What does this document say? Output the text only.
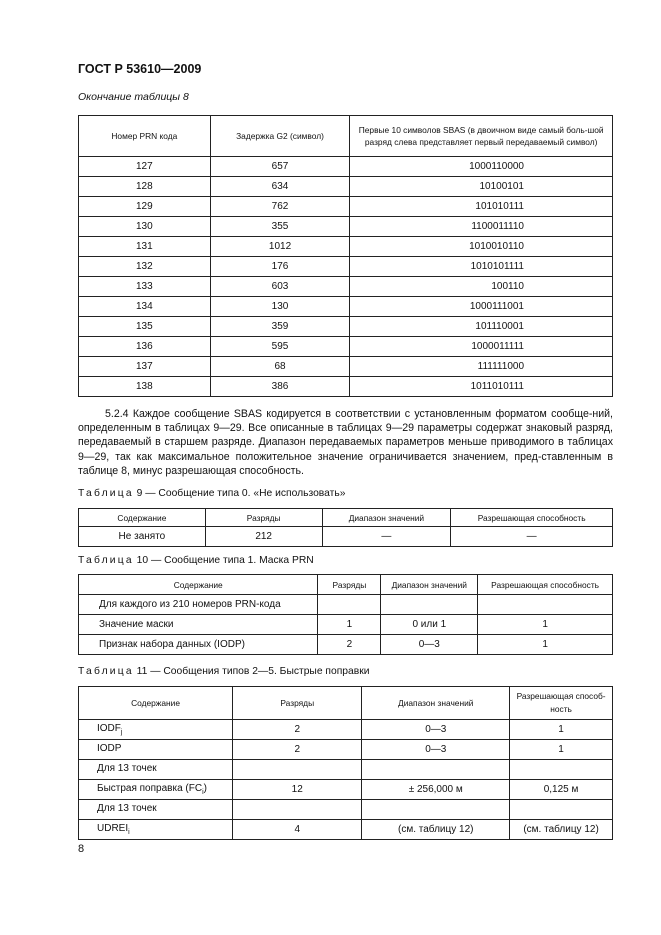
ГОСТ Р 53610—2009
Окончание таблицы 8
Номер PRN кода	Задержка G2 (символ)	Первые 10 символов SBAS (в двоичном виде самый боль-шой разряд слева представляет первый передаваемый символ)
127	657	1000110000
128	634	10100101
129	762	101010111
130	355	1100011110
131	1012	1010010110
132	176	1010101111
133	603	100110
134	130	1000111001
135	359	101110001
136	595	1000011111
137	68	111111000
138	386	1011010111

5.2.4 Каждое сообщение SBAS кодируется в соответствии с установленным форматом сообще-ний, определенным в таблицах 9—29. Все описанные в таблицах 9—29 параметры содержат знаковый разряд, передаваемый в старшем разряде. Диапазон передаваемых параметров меньше приводимого в таблицах 9—29, так как максимальное положительное значение ограничивается значением, пред-ставленным в таблице 8, минус разрешающая способность.

Таблица 9 — Сообщение типа 0. «Не использовать»
Содержание	Разряды	Диапазон значений	Разрешающая способность
Не занято	212	—	—
Таблица 10 — Сообщение типа 1. Маска PRN
Содержание	Разряды	Диапазон значений	Разрешающая способность
Для каждого из 210 номеров PRN-кода			
Значение маски	1	0 или 1	1
Признак набора данных (IODP)	2	0—3	1
Таблица 11 — Сообщения типов 2—5. Быстрые поправки
Содержание	Разряды	Диапазон значений	Разрешающая способ-ность
$IODF_j$	2	0—3	1
IODP	2	0—3	1
Для 13 точек			
Быстрая поправка $(FC_i)$	12	± 256,000 м	0,125 м
Для 13 точек			
$UDREI_i$	4	(см. таблицу 12)	(см. таблицу 12)
8
